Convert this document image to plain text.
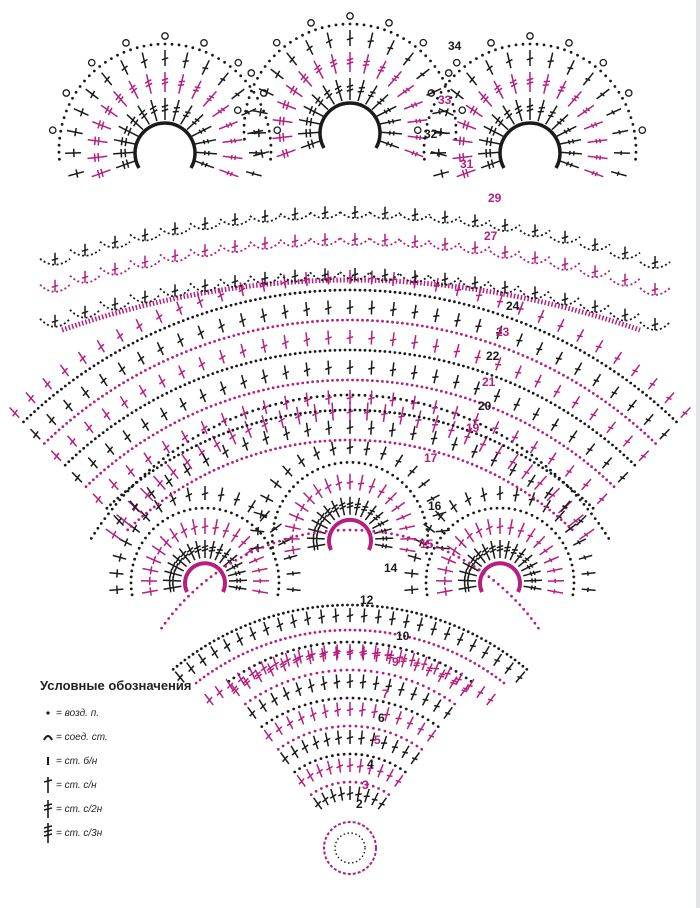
2
3
4
5
6
7
9
10
12
14
15
16
17
19
20
21
22
23
24
27
29
31
32
33
34
Условные обозначения
= возд. п.
= соед. ст.
= ст. б/н
= ст. с/н
= ст. с/2н
= ст. с/3н
